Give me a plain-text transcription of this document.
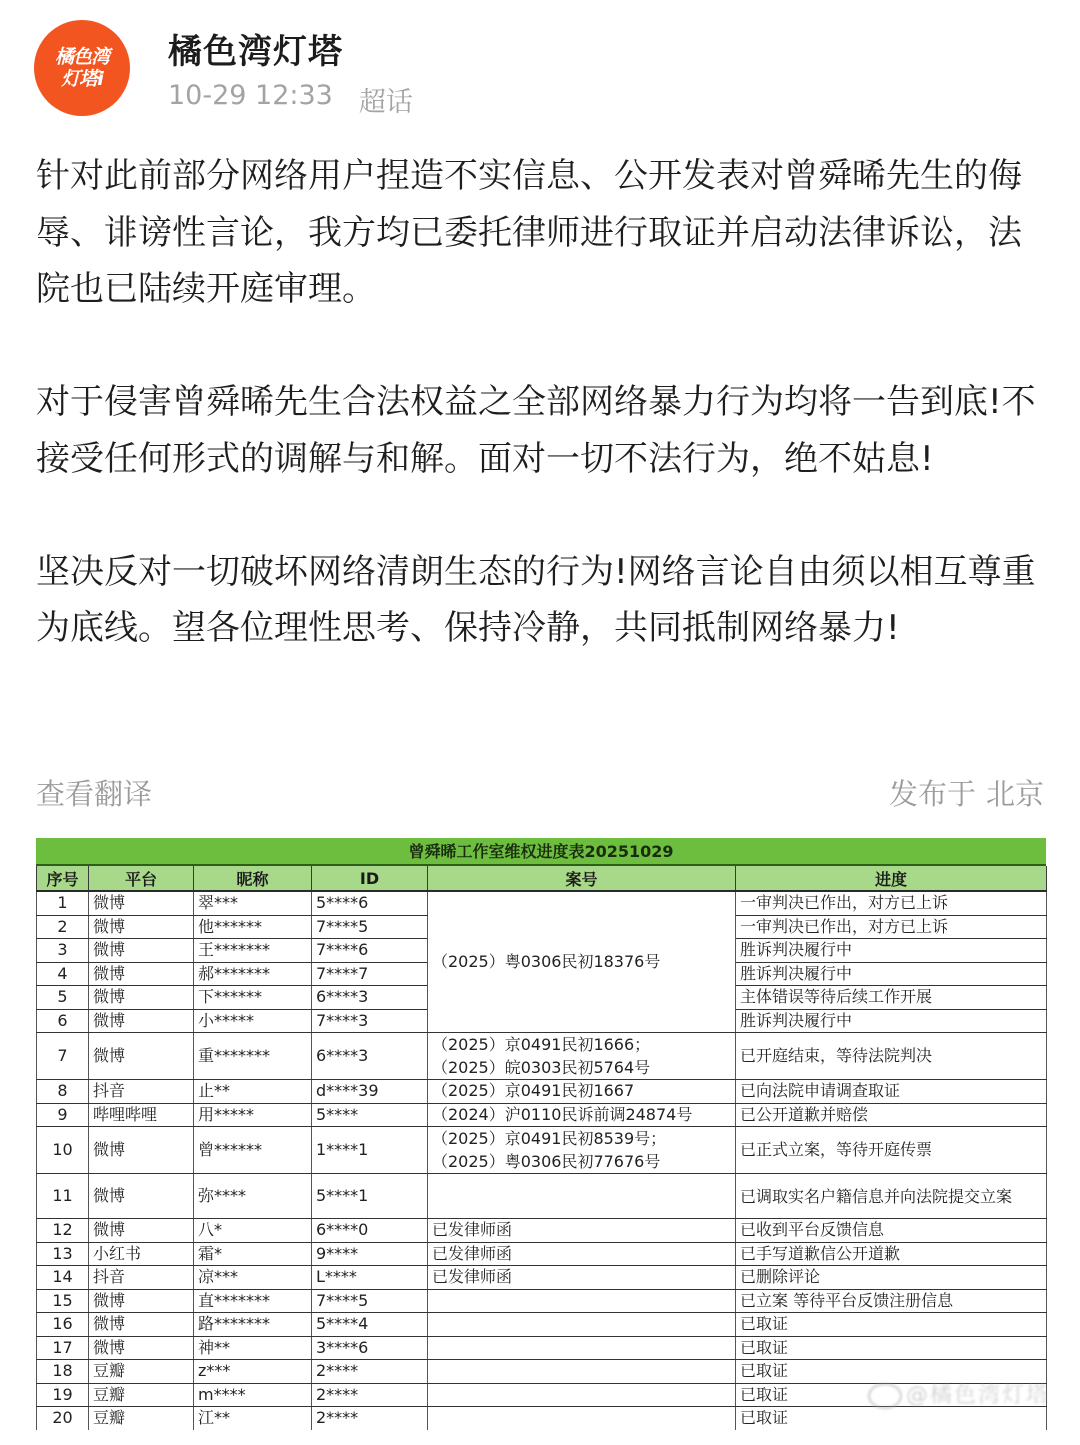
橘色湾
灯塔i
橘色湾灯塔
10-29 12:33 超话

针对此前部分网络用户捏造不实信息、公开发表对曾舜晞先生的侮辱、诽谤性言论，我方均已委托律师进行取证并启动法律诉讼，法院也已陆续开庭审理。

对于侵害曾舜晞先生合法权益之全部网络暴力行为均将一告到底!不接受任何形式的调解与和解。面对一切不法行为，绝不姑息!

坚决反对一切破坏网络清朗生态的行为!网络言论自由须以相互尊重为底线。望各位理性思考、保持冷静，共同抵制网络暴力!

查看翻译	发布于 北京
曾舜晞工作室维权进度表20251029
序号	平台	昵称	ID	案号	进度
1	微博	翠***	5****6	（2025）粤0306民初18376号	一审判决已作出，对方已上诉
2	微博	他******	7****5		一审判决已作出，对方已上诉
3	微博	王*******	7****6		胜诉判决履行中
4	微博	郝*******	7****7		胜诉判决履行中
5	微博	下******	6****3		主体错误等待后续工作开展
6	微博	小*****	7****3		胜诉判决履行中
7	微博	重*******	6****3	（2025）京0491民初1666；
（2025）皖0303民初5764号	已开庭结束，等待法院判决
8	抖音	止**	d****39	（2025）京0491民初1667	已向法院申请调查取证
9	哔哩哔哩	用*****	5****	（2024）沪0110民诉前调24874号	已公开道歉并赔偿
10	微博	曾******	1****1	（2025）京0491民初8539号；
（2025）粤0306民初77676号	已正式立案，等待开庭传票
11	微博	弥****	5****1		已调取实名户籍信息并向法院提交立案
12	微博	八*	6****0	已发律师函	已收到平台反馈信息
13	小红书	霜*	9****	已发律师函	已手写道歉信公开道歉
14	抖音	凉***	L****	已发律师函	已删除评论
15	微博	直*******	7****5		已立案 等待平台反馈注册信息
16	微博	路*******	5****4		已取证
17	微博	神**	3****6		已取证
18	豆瓣	z***	2****		已取证
19	豆瓣	m****	2****		已取证
20	豆瓣	江**	2****		已取证
@橘色湾灯塔
